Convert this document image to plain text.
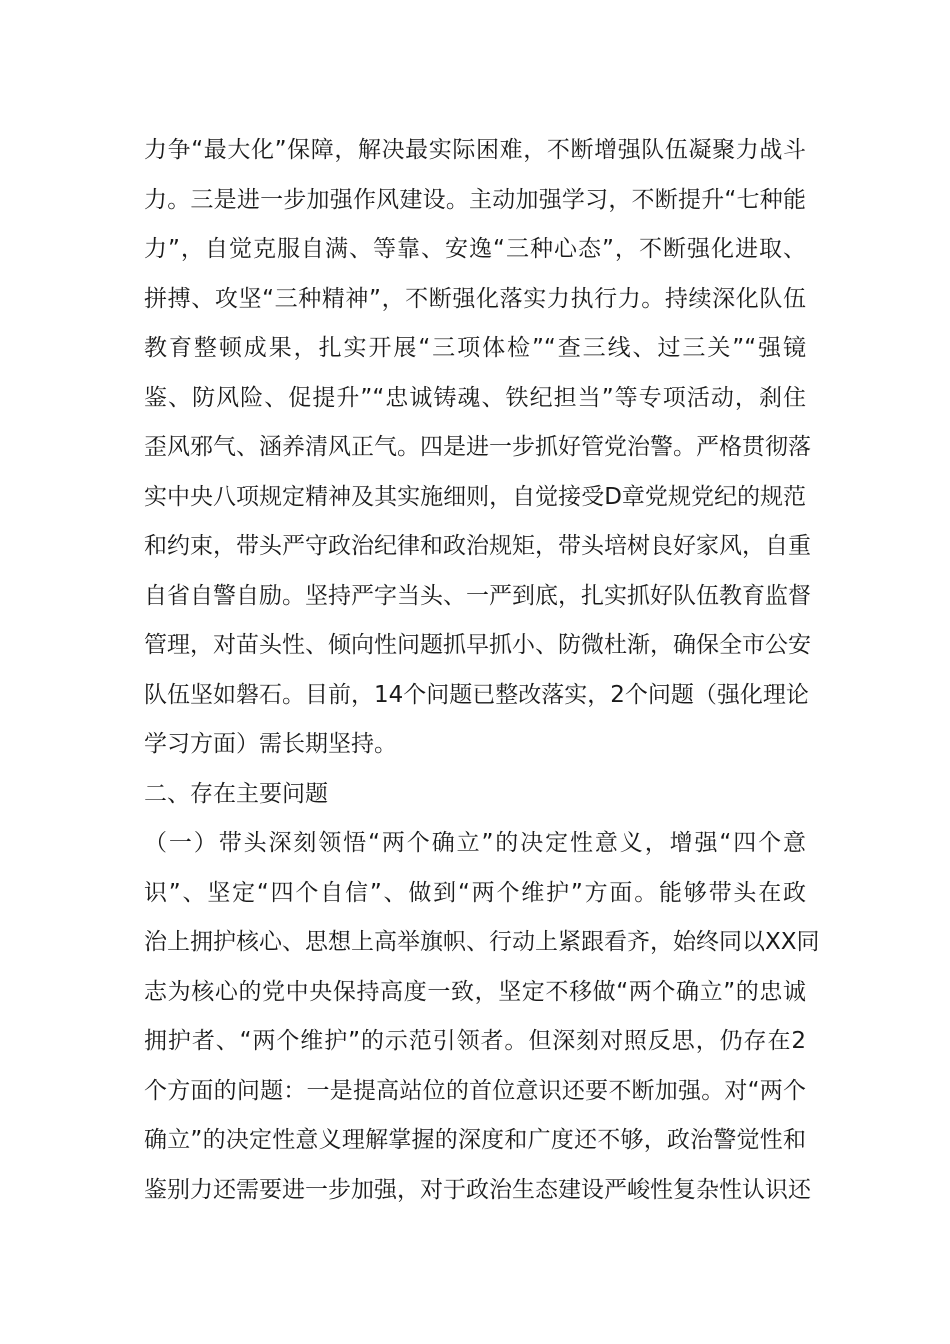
力争“最大化”保障，解决最实际困难，不断增强队伍凝聚力战斗
力。三是进一步加强作风建设。主动加强学习，不断提升“七种能
力”，自觉克服自满、等靠、安逸“三种心态”，不断强化进取、
拼搏、攻坚“三种精神”，不断强化落实力执行力。持续深化队伍
教育整顿成果，扎实开展“三项体检”“查三线、过三关”“强镜
鉴、防风险、促提升”“忠诚铸魂、铁纪担当”等专项活动，刹住
歪风邪气、涵养清风正气。四是进一步抓好管党治警。严格贯彻落
实中央八项规定精神及其实施细则，自觉接受D章党规党纪的规范
和约束，带头严守政治纪律和政治规矩，带头培树良好家风，自重
自省自警自励。坚持严字当头、一严到底，扎实抓好队伍教育监督
管理，对苗头性、倾向性问题抓早抓小、防微杜渐，确保全市公安
队伍坚如磐石。目前，14个问题已整改落实，2个问题（强化理论
学习方面）需长期坚持。
二、存在主要问题
（一）带头深刻领悟“两个确立”的决定性意义，增强“四个意
识”、坚定“四个自信”、做到“两个维护”方面。能够带头在政
治上拥护核心、思想上高举旗帜、行动上紧跟看齐，始终同以XX同
志为核心的党中央保持高度一致，坚定不移做“两个确立”的忠诚
拥护者、“两个维护”的示范引领者。但深刻对照反思，仍存在2
个方面的问题：一是提高站位的首位意识还要不断加强。对“两个
确立”的决定性意义理解掌握的深度和广度还不够，政治警觉性和
鉴别力还需要进一步加强，对于政治生态建设严峻性复杂性认识还
